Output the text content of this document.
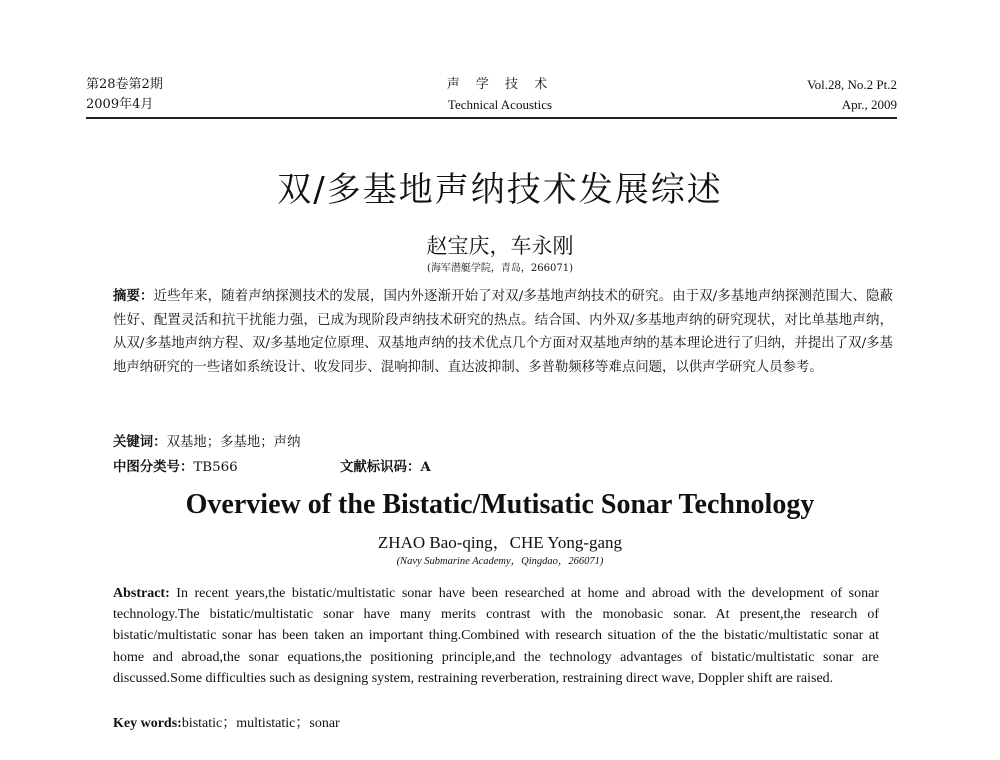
第28卷第2期
2009年4月
声 学 技 术
Technical Acoustics
Vol.28, No.2 Pt.2
Apr., 2009
双/多基地声纳技术发展综述
赵宝庆，车永刚
(海军潜艇学院，青岛，266071)
摘要：近些年来，随着声纳探测技术的发展，国内外逐渐开始了对双/多基地声纳技术的研究。由于双/多基地声纳探测范围大、隐蔽性好、配置灵活和抗干扰能力强，已成为现阶段声纳技术研究的热点。结合国、内外双/多基地声纳的研究现状，对比单基地声纳，从双/多基地声纳方程、双/多基地定位原理、双基地声纳的技术优点几个方面对双基地声纳的基本理论进行了归纳，并提出了双/多基地声纳研究的一些诸如系统设计、收发同步、混响抑制、直达波抑制、多普勒频移等难点问题，以供声学研究人员参考。
关键词：双基地；多基地；声纳
中图分类号：TB566	文献标识码：A
Overview of the Bistatic/Mutisatic Sonar Technology
ZHAO Bao-qing，CHE Yong-gang
(Navy Submarine Academy，Qingdao，266071)
Abstract: In recent years,the bistatic/multistatic sonar have been researched at home and abroad with the development of sonar technology.The bistatic/multistatic sonar have many merits contrast with the monobasic sonar. At present,the research of bistatic/multistatic sonar has been taken an important thing.Combined with research situation of the the bistatic/multistatic sonar at home and abroad,the sonar equations,the positioning principle,and the technology advantages of bistatic/multistatic sonar are discussed.Some difficulties such as designing system, restraining reverberation, restraining direct wave, Doppler shift are raised.
Key words:bistatic；multistatic；sonar
